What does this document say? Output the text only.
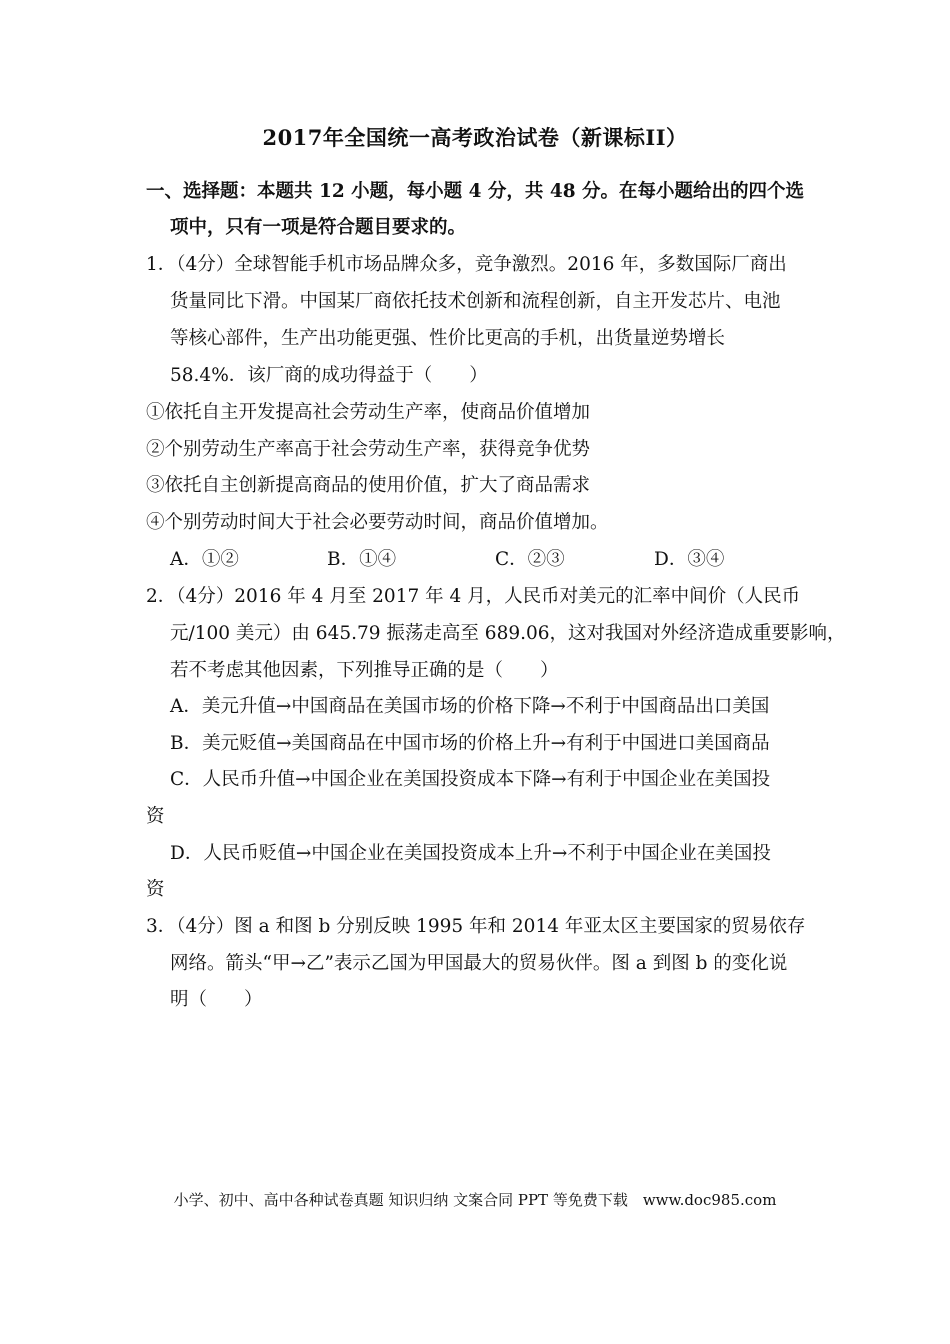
2017年全国统一高考政治试卷（新课标II）
一、选择题：本题共 12 小题，每小题 4 分，共 48 分。在每小题给出的四个选
项中，只有一项是符合题目要求的。
1．（4分）全球智能手机市场品牌众多，竞争激烈。2016 年，多数国际厂商出
货量同比下滑。中国某厂商依托技术创新和流程创新，自主开发芯片、电池
等核心部件，生产出功能更强、性价比更高的手机，出货量逆势增长
58.4%．该厂商的成功得益于（　　）
①依托自主开发提高社会劳动生产率，使商品价值增加
②个别劳动生产率高于社会劳动生产率，获得竞争优势
③依托自主创新提高商品的使用价值，扩大了商品需求
④个别劳动时间大于社会必要劳动时间，商品价值增加。
A．①②	B．①④	C．②③	D．③④
2．（4分）2016 年 4 月至 2017 年 4 月，人民币对美元的汇率中间价（人民币
元/100 美元）由 645.79 振荡走高至 689.06，这对我国对外经济造成重要影响，
若不考虑其他因素，下列推导正确的是（　　）
A．美元升值→中国商品在美国市场的价格下降→不利于中国商品出口美国
B．美元贬值→美国商品在中国市场的价格上升→有利于中国进口美国商品
C．人民币升值→中国企业在美国投资成本下降→有利于中国企业在美国投
资
D．人民币贬值→中国企业在美国投资成本上升→不利于中国企业在美国投
资
3．（4分）图 a 和图 b 分别反映 1995 年和 2014 年亚太区主要国家的贸易依存
网络。箭头“甲→乙”表示乙国为甲国最大的贸易伙伴。图 a 到图 b 的变化说
明（　　）
小学、初中、高中各种试卷真题 知识归纳 文案合同 PPT 等免费下载　www.doc985.com
